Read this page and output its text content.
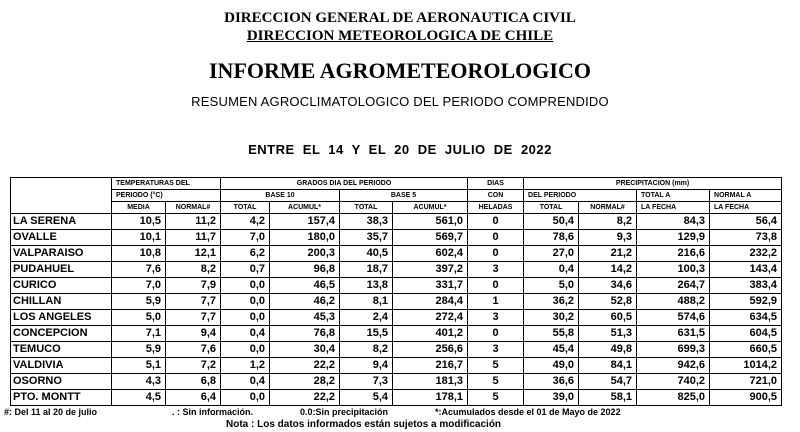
DIRECCION GENERAL DE AERONAUTICA CIVIL
DIRECCION METEOROLOGICA DE CHILE
INFORME AGROMETEOROLOGICO
RESUMEN AGROCLIMATOLOGICO DEL PERIODO COMPRENDIDO
ENTRE EL 14 Y EL 20 DE JULIO DE 2022
	TEMPERATURAS DEL		GRADOS DIA DEL PERIODO				DIAS	PRECIPITACION (mm)			
	PERIODO (°C)		BASE 10		BASE 5		CON	DEL PERIODO		TOTAL A	NORMAL A
	MEDIA	NORMAL#	TOTAL	ACUMUL*	TOTAL	ACUMUL*	HELADAS	TOTAL	NORMAL#	LA FECHA	LA FECHA
LA SERENA	10,5	11,2	4,2	157,4	38,3	561,0	0	50,4	8,2	84,3	56,4
OVALLE	10,1	11,7	7,0	180,0	35,7	569,7	0	78,6	9,3	129,9	73,8
VALPARAISO	10,8	12,1	6,2	200,3	40,5	602,4	0	27,0	21,2	216,6	232,2
PUDAHUEL	7,6	8,2	0,7	96,8	18,7	397,2	3	0,4	14,2	100,3	143,4
CURICO	7,0	7,9	0,0	46,5	13,8	331,7	0	5,0	34,6	264,7	383,4
CHILLAN	5,9	7,7	0,0	46,2	8,1	284,4	1	36,2	52,8	488,2	592,9
LOS ANGELES	5,0	7,7	0,0	45,3	2,4	272,4	3	30,2	60,5	574,6	634,5
CONCEPCION	7,1	9,4	0,4	76,8	15,5	401,2	0	55,8	51,3	631,5	604,5
TEMUCO	5,9	7,6	0,0	30,4	8,2	256,6	3	45,4	49,8	699,3	660,5
VALDIVIA	5,1	7,2	1,2	22,2	9,4	216,7	5	49,0	84,1	942,6	1014,2
OSORNO	4,3	6,8	0,4	28,2	7,3	181,3	5	36,6	54,7	740,2	721,0
PTO. MONTT	4,5	6,4	0,0	22,2	5,4	178,1	5	39,0	58,1	825,0	900,5
#: Del 11 al 20 de julio	. : Sin información.	0.0:Sin precipitación	*:Acumulados desde el 01 de Mayo de 2022
Nota : Los datos informados están sujetos a modificación
